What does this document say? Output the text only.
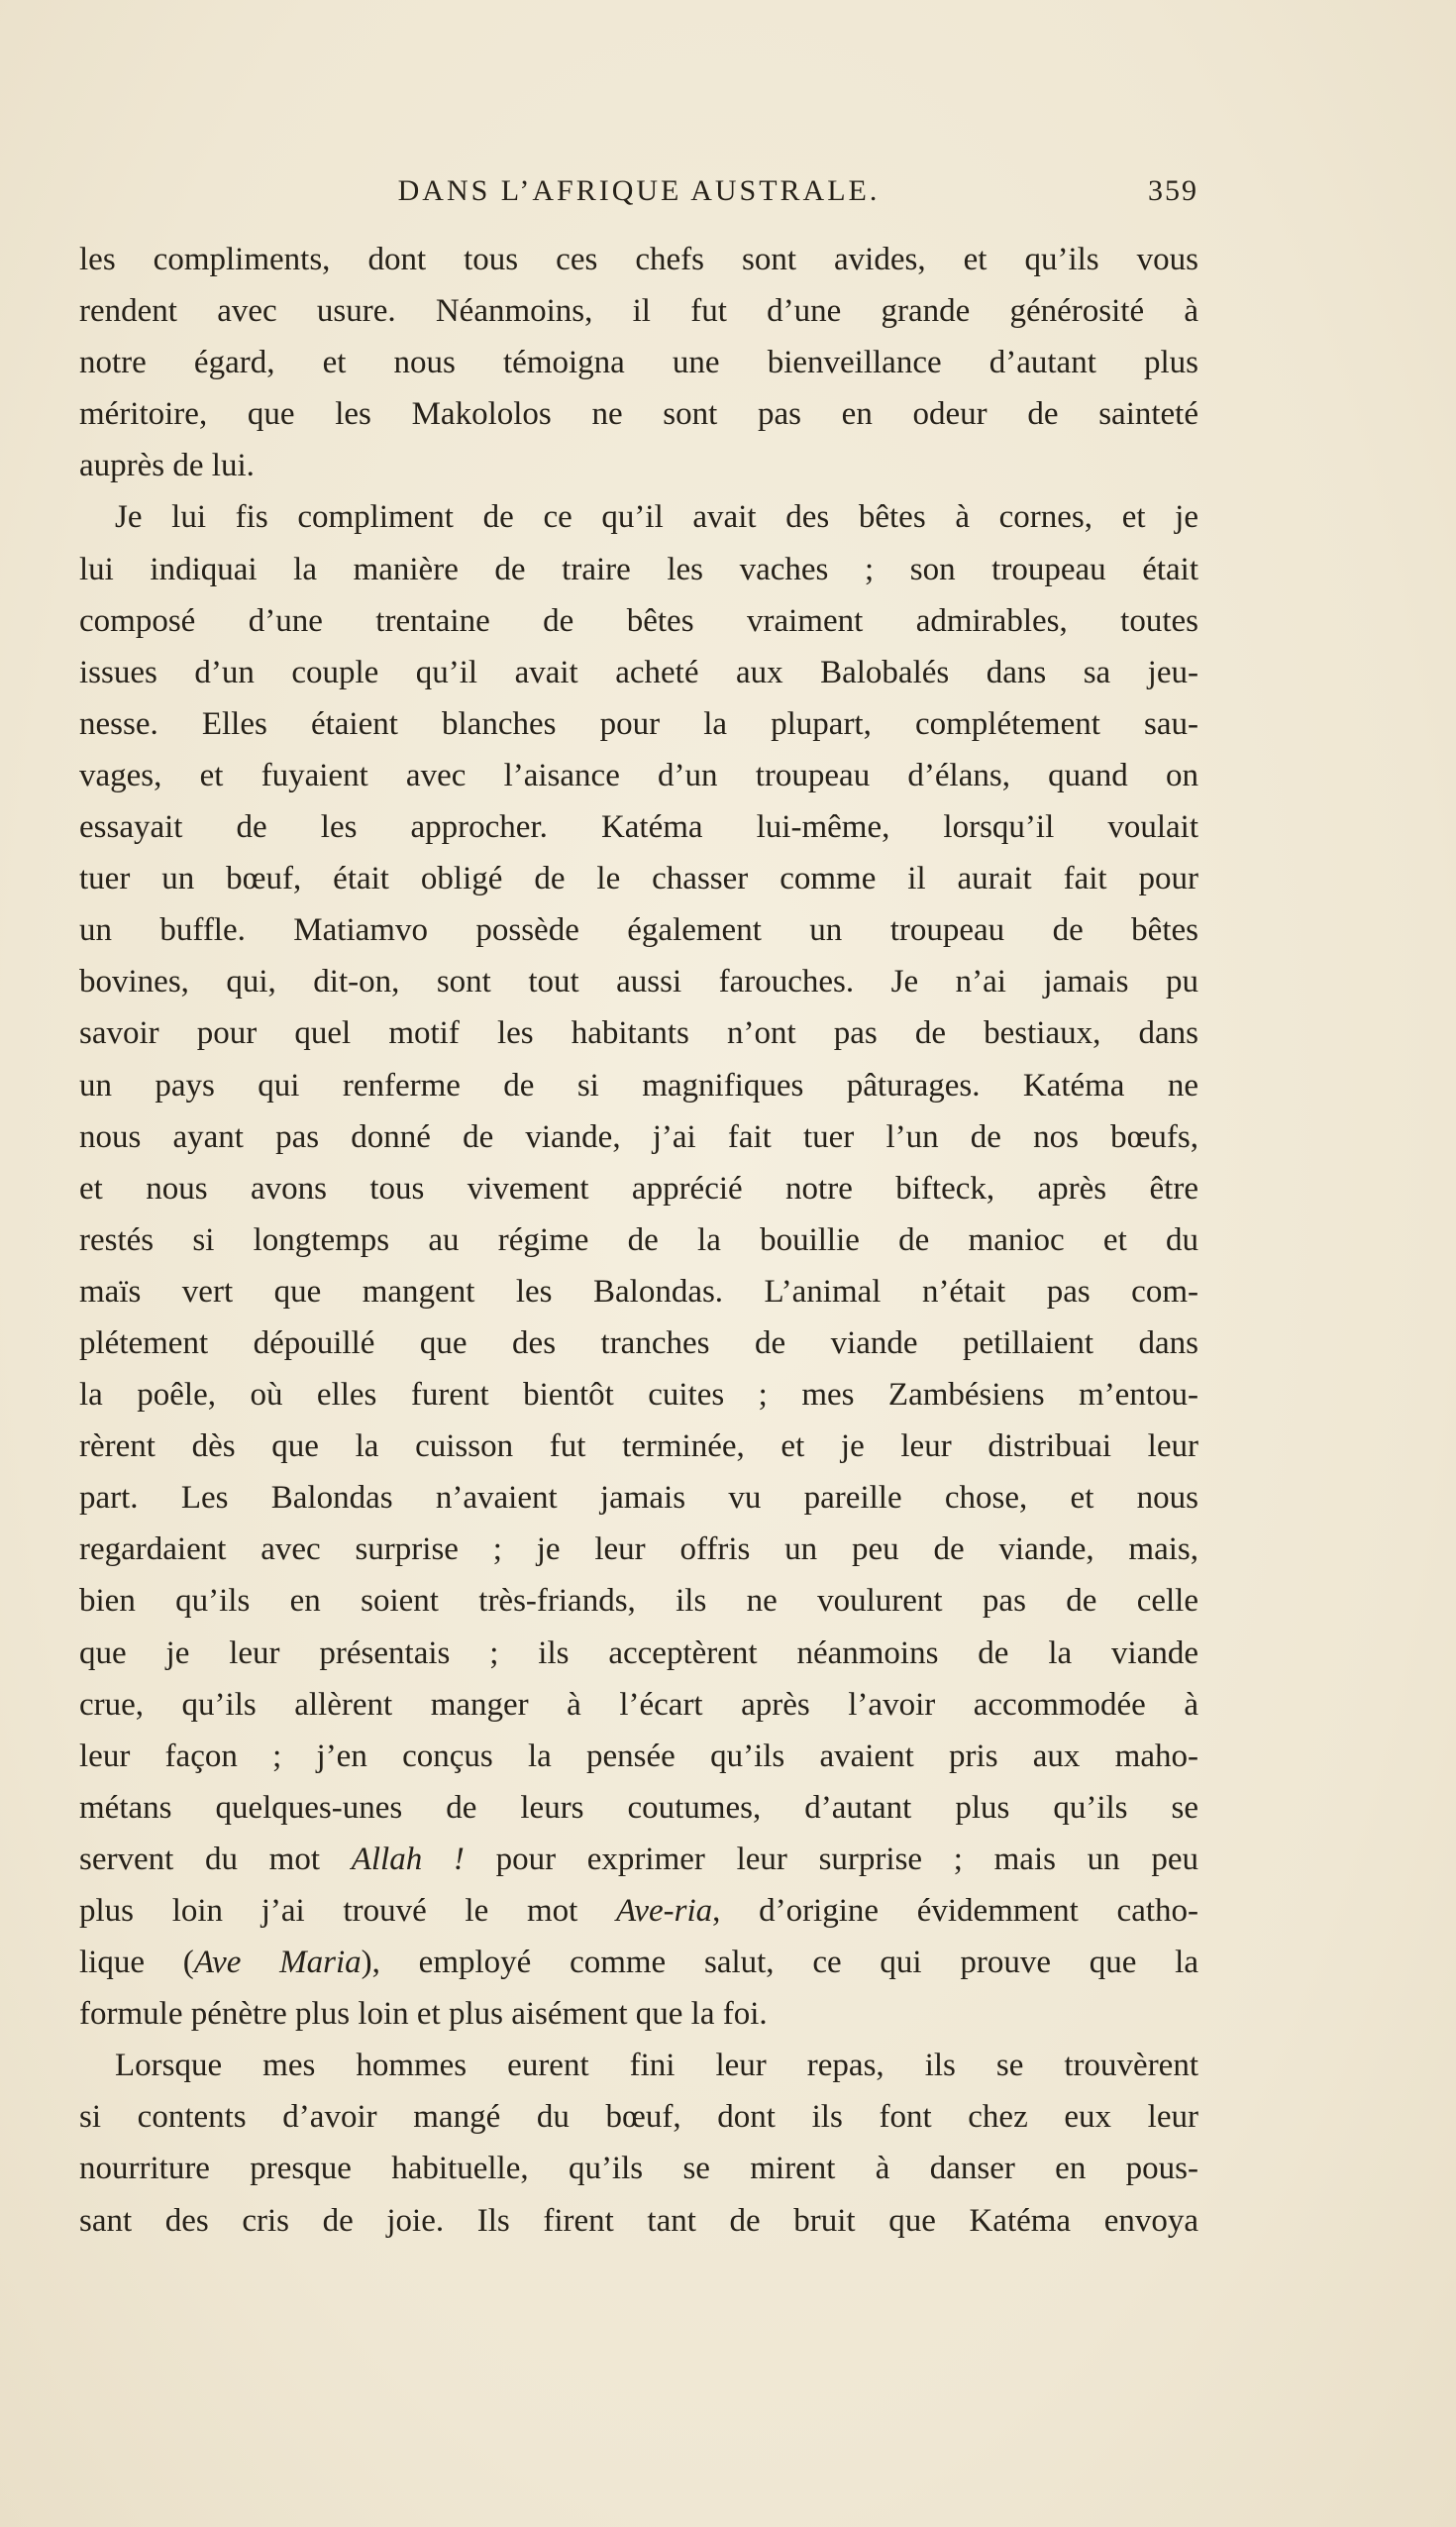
DANS L’AFRIQUE AUSTRALE.	359
les compliments, dont tous ces chefs sont avides, et qu’ils vous
rendent avec usure. Néanmoins, il fut d’une grande générosité à
notre égard, et nous témoigna une bienveillance d’autant plus
méritoire, que les Makololos ne sont pas en odeur de sainteté
auprès de lui.
Je lui fis compliment de ce qu’il avait des bêtes à cornes, et je
lui indiquai la manière de traire les vaches ; son troupeau était
composé d’une trentaine de bêtes vraiment admirables, toutes
issues d’un couple qu’il avait acheté aux Balobalés dans sa jeu-
nesse. Elles étaient blanches pour la plupart, complétement sau-
vages, et fuyaient avec l’aisance d’un troupeau d’élans, quand on
essayait de les approcher. Katéma lui-même, lorsqu’il voulait
tuer un bœuf, était obligé de le chasser comme il aurait fait pour
un buffle. Matiamvo possède également un troupeau de bêtes
bovines, qui, dit-on, sont tout aussi farouches. Je n’ai jamais pu
savoir pour quel motif les habitants n’ont pas de bestiaux, dans
un pays qui renferme de si magnifiques pâturages. Katéma ne
nous ayant pas donné de viande, j’ai fait tuer l’un de nos bœufs,
et nous avons tous vivement apprécié notre bifteck, après être
restés si longtemps au régime de la bouillie de manioc et du
maïs vert que mangent les Balondas. L’animal n’était pas com-
plétement dépouillé que des tranches de viande petillaient dans
la poêle, où elles furent bientôt cuites ; mes Zambésiens m’entou-
rèrent dès que la cuisson fut terminée, et je leur distribuai leur
part. Les Balondas n’avaient jamais vu pareille chose, et nous
regardaient avec surprise ; je leur offris un peu de viande, mais,
bien qu’ils en soient très-friands, ils ne voulurent pas de celle
que je leur présentais ; ils acceptèrent néanmoins de la viande
crue, qu’ils allèrent manger à l’écart après l’avoir accommodée à
leur façon ; j’en conçus la pensée qu’ils avaient pris aux maho-
métans quelques-unes de leurs coutumes, d’autant plus qu’ils se
servent du mot Allah ! pour exprimer leur surprise ; mais un peu
plus loin j’ai trouvé le mot Ave-ria, d’origine évidemment catho-
lique (Ave Maria), employé comme salut, ce qui prouve que la
formule pénètre plus loin et plus aisément que la foi.
Lorsque mes hommes eurent fini leur repas, ils se trouvèrent
si contents d’avoir mangé du bœuf, dont ils font chez eux leur
nourriture presque habituelle, qu’ils se mirent à danser en pous-
sant des cris de joie. Ils firent tant de bruit que Katéma envoya
